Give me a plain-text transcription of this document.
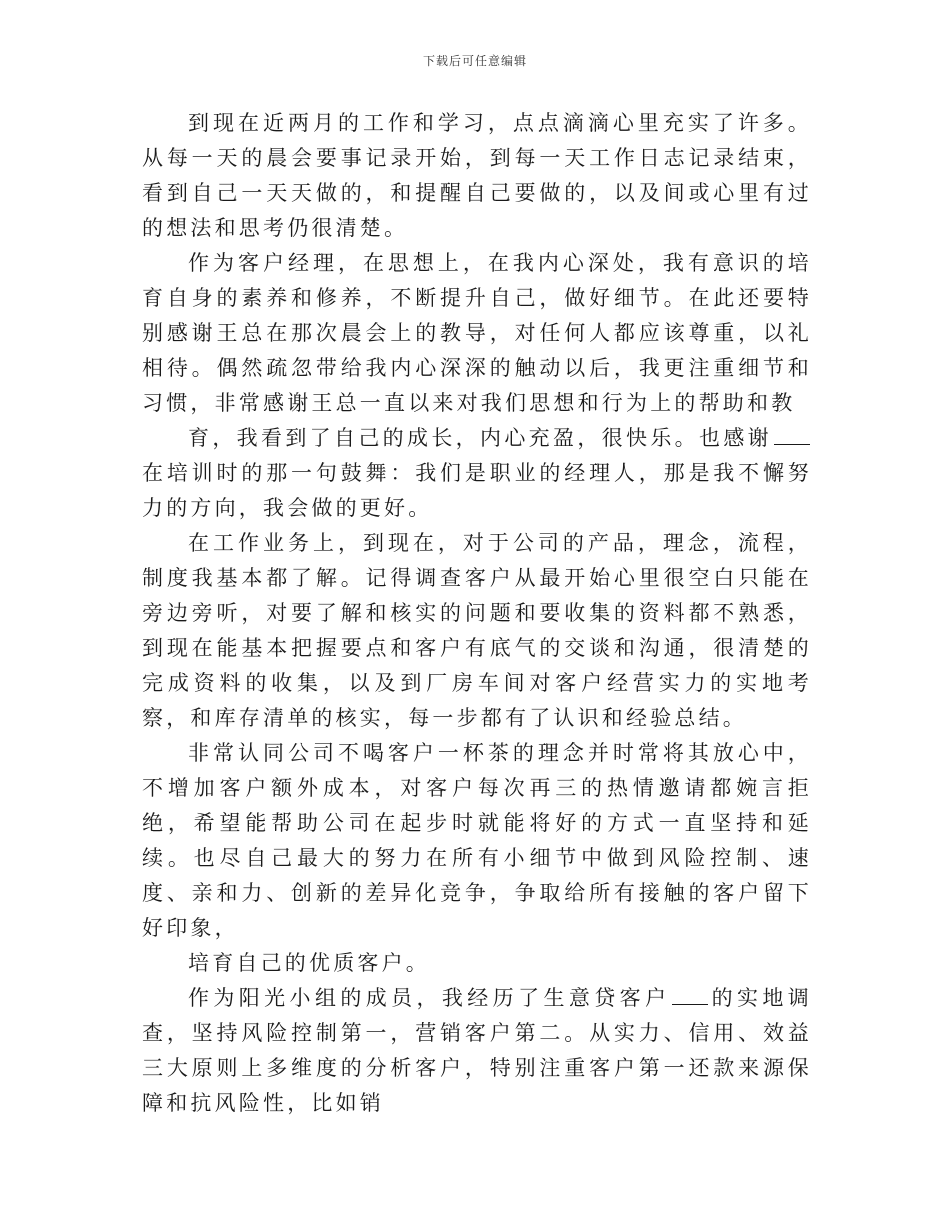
下载后可任意编辑

到现在近两月的工作和学习，点点滴滴心里充实了许多。从每一天的晨会要事记录开始，到每一天工作日志记录结束，看到自己一天天做的，和提醒自己要做的，以及间或心里有过的想法和思考仍很清楚。

作为客户经理，在思想上，在我内心深处，我有意识的培育自身的素养和修养，不断提升自己，做好细节。在此还要特别感谢王总在那次晨会上的教导，对任何人都应该尊重，以礼相待。偶然疏忽带给我内心深深的触动以后，我更注重细节和习惯，非常感谢王总一直以来对我们思想和行为上的帮助和教

育，我看到了自己的成长，内心充盈，很快乐。也感谢在培训时的那一句鼓舞：我们是职业的经理人，那是我不懈努力的方向，我会做的更好。

在工作业务上，到现在，对于公司的产品，理念，流程，制度我基本都了解。记得调查客户从最开始心里很空白只能在旁边旁听，对要了解和核实的问题和要收集的资料都不熟悉，到现在能基本把握要点和客户有底气的交谈和沟通，很清楚的完成资料的收集，以及到厂房车间对客户经营实力的实地考察，和库存清单的核实，每一步都有了认识和经验总结。

非常认同公司不喝客户一杯茶的理念并时常将其放心中，不增加客户额外成本，对客户每次再三的热情邀请都婉言拒绝，希望能帮助公司在起步时就能将好的方式一直坚持和延续。也尽自己最大的努力在所有小细节中做到风险控制、速度、亲和力、创新的差异化竞争，争取给所有接触的客户留下好印象，

培育自己的优质客户。

作为阳光小组的成员，我经历了生意贷客户 的实地调查，坚持风险控制第一，营销客户第二。从实力、信用、效益三大原则上多维度的分析客户，特别注重客户第一还款来源保障和抗风险性，比如销
